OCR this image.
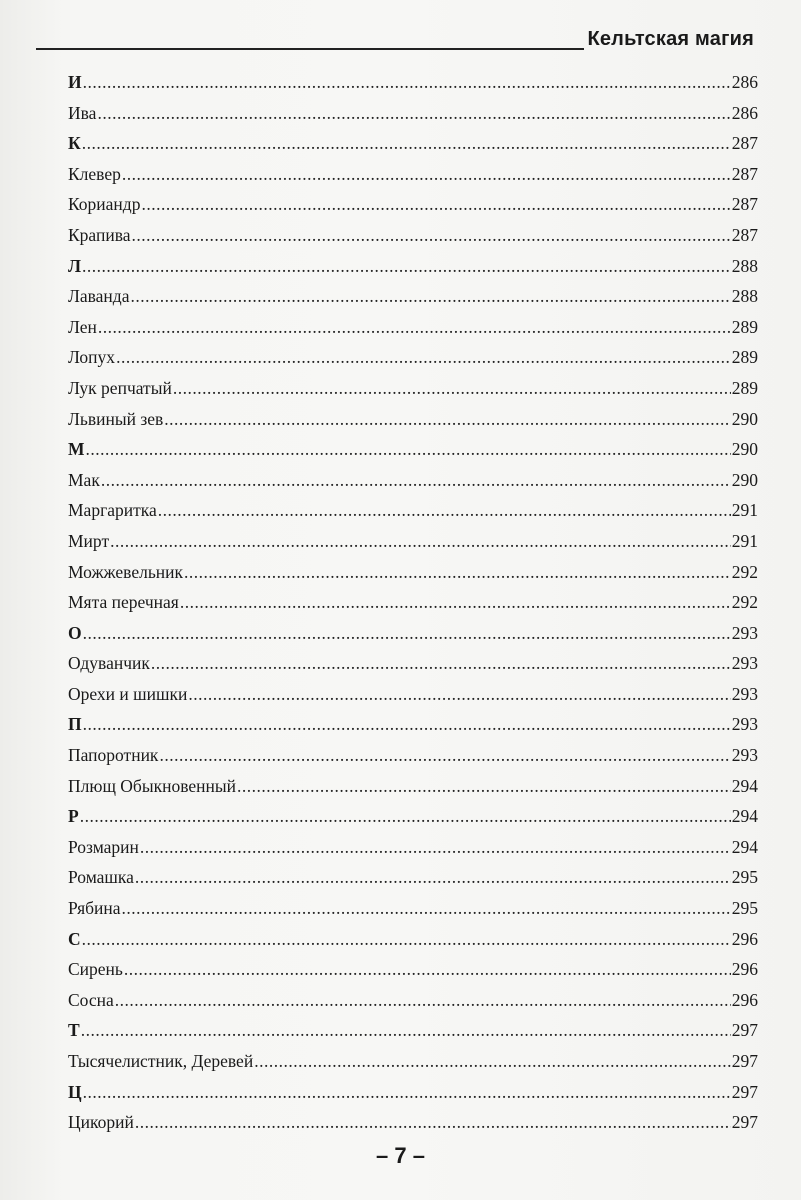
Кельтская магия
И .....	286
Ива .....	286
К .....	287
Клевер .....	287
Кориандр .....	287
Крапива .....	287
Л .....	288
Лаванда .....	288
Лен .....	289
Лопух .....	289
Лук репчатый .....	289
Львиный зев .....	290
М .....	290
Мак .....	290
Маргаритка .....	291
Мирт .....	291
Можжевельник .....	292
Мята перечная .....	292
О .....	293
Одуванчик .....	293
Орехи и шишки .....	293
П .....	293
Папоротник .....	293
Плющ Обыкновенный .....	294
Р .....	294
Розмарин .....	294
Ромашка .....	295
Рябина .....	295
С .....	296
Сирень .....	296
Сосна .....	296
Т .....	297
Тысячелистник, Деревей .....	297
Ц .....	297
Цикорий .....	297
– 7 –
